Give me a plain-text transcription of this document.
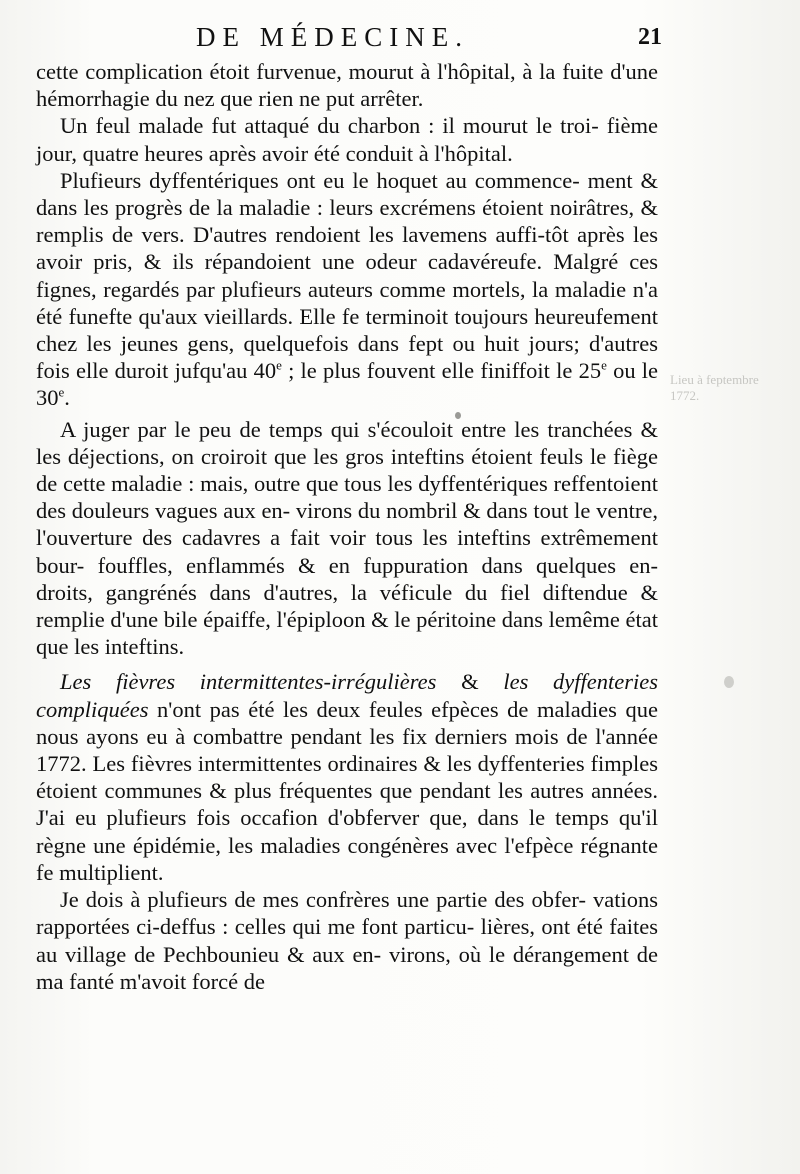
Lieu à feptembre
1772.
DE MÉDECINE.	21

cette complication étoit furvenue, mourut à l'hôpital, à la fuite d'une hémorrhagie du nez que rien ne put arrêter.

Un feul malade fut attaqué du charbon : il mourut le troi- fième jour, quatre heures après avoir été conduit à l'hôpital.

Plufieurs dyffentériques ont eu le hoquet au commence- ment & dans les progrès de la maladie : leurs excrémens étoient noirâtres, & remplis de vers. D'autres rendoient les lavemens auffi-tôt après les avoir pris, & ils répandoient une odeur cadavéreufe. Malgré ces fignes, regardés par plufieurs auteurs comme mortels, la maladie n'a été funefte qu'aux vieillards. Elle fe terminoit toujours heureufement chez les jeunes gens, quelquefois dans fept ou huit jours; d'autres fois elle duroit jufqu'au 40e ; le plus fouvent elle finiffoit le 25e ou le 30e.

A juger par le peu de temps qui s'écouloit entre les tranchées & les déjections, on croiroit que les gros inteftins étoient feuls le fiège de cette maladie : mais, outre que tous les dyffentériques reffentoient des douleurs vagues aux en- virons du nombril & dans tout le ventre, l'ouverture des cadavres a fait voir tous les inteftins extrêmement bour- fouffles, enflammés & en fuppuration dans quelques en- droits, gangrénés dans d'autres, la véficule du fiel diftendue & remplie d'une bile épaiffe, l'épiploon & le péritoine dans lemême état que les inteftins.

Les fièvres intermittentes-irrégulières & les dyffenteries compliquées n'ont pas été les deux feules efpèces de maladies que nous ayons eu à combattre pendant les fix derniers mois de l'année 1772. Les fièvres intermittentes ordinaires & les dyffenteries fimples étoient communes & plus fréquentes que pendant les autres années. J'ai eu plufieurs fois occafion d'obferver que, dans le temps qu'il règne une épidémie, les maladies congénères avec l'efpèce régnante fe multiplient.

Je dois à plufieurs de mes confrères une partie des obfer- vations rapportées ci-deffus : celles qui me font particu- lières, ont été faites au village de Pechbounieu & aux en- virons, où le dérangement de ma fanté m'avoit forcé de
